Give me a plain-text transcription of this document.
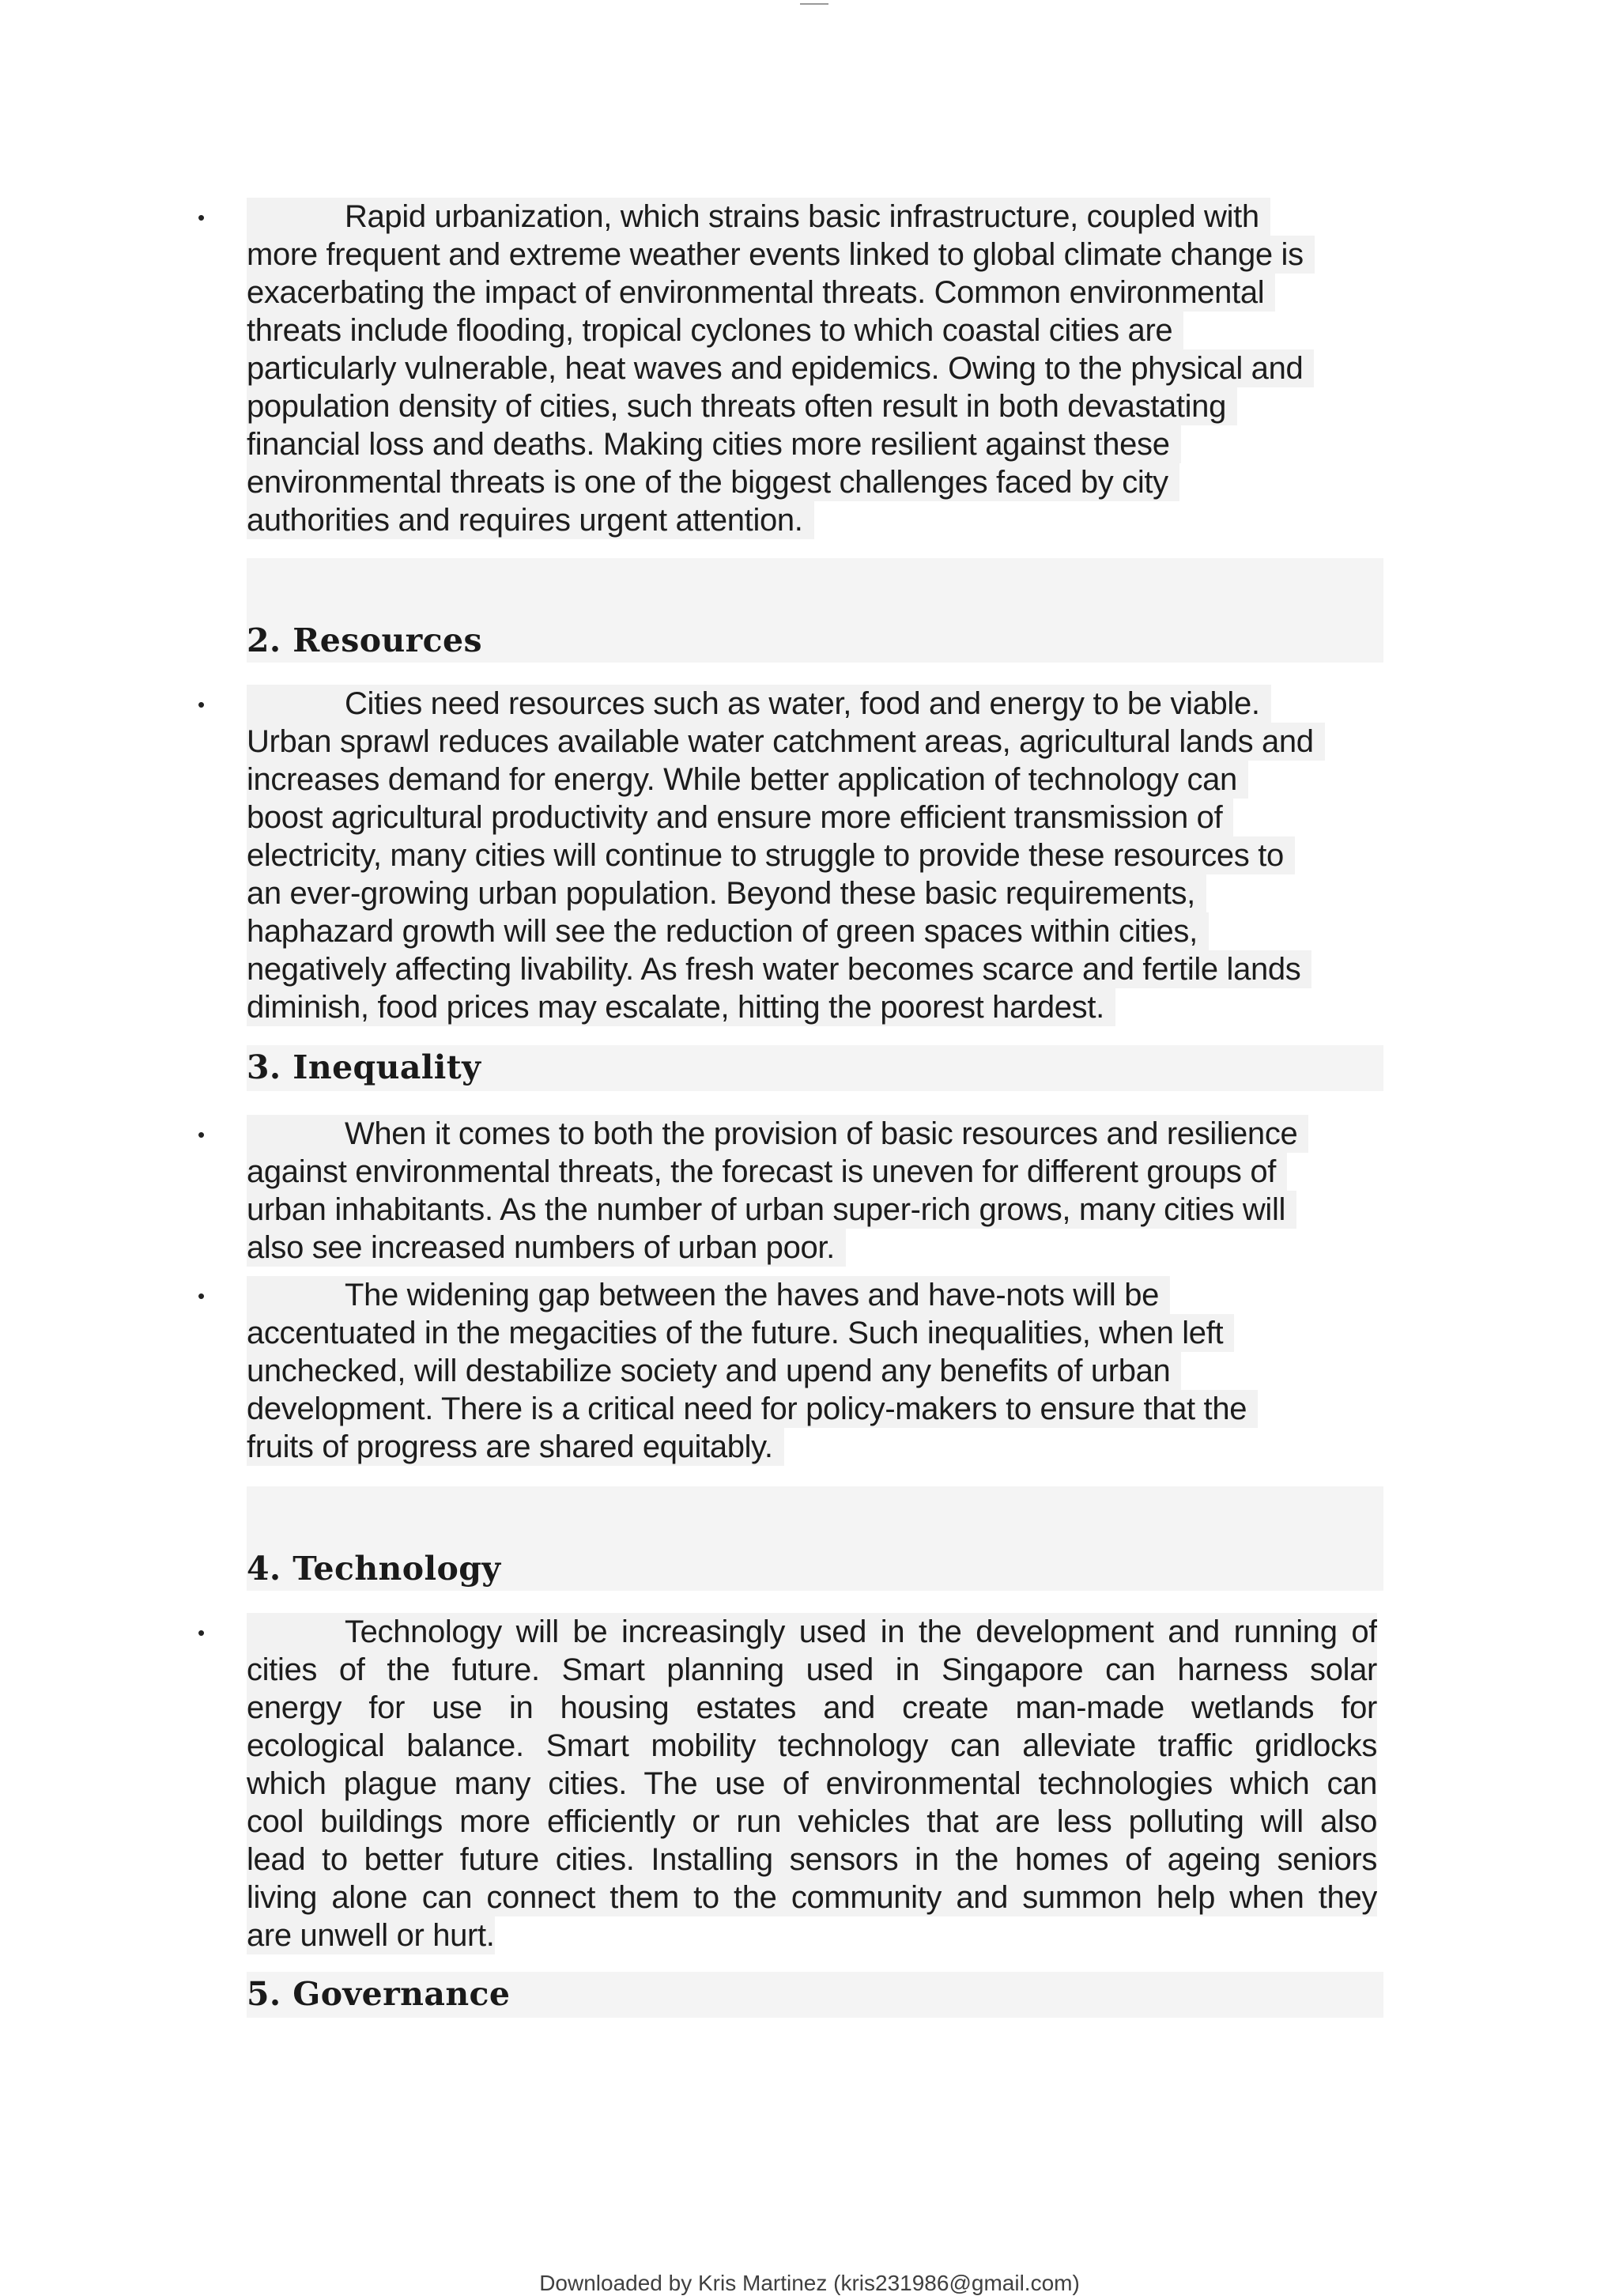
•	Rapid urbanization, which strains basic infrastructure, coupled with
more frequent and extreme weather events linked to global climate change is
exacerbating the impact of environmental threats. Common environmental
threats include flooding, tropical cyclones to which coastal cities are
particularly vulnerable, heat waves and epidemics. Owing to the physical and
population density of cities, such threats often result in both devastating
financial loss and deaths. Making cities more resilient against these
environmental threats is one of the biggest challenges faced by city
authorities and requires urgent attention.
2. Resources
•	Cities need resources such as water, food and energy to be viable.
Urban sprawl reduces available water catchment areas, agricultural lands and
increases demand for energy. While better application of technology can
boost agricultural productivity and ensure more efficient transmission of
electricity, many cities will continue to struggle to provide these resources to
an ever-growing urban population. Beyond these basic requirements,
haphazard growth will see the reduction of green spaces within cities,
negatively affecting livability. As fresh water becomes scarce and fertile lands
diminish, food prices may escalate, hitting the poorest hardest.
3. Inequality
•	When it comes to both the provision of basic resources and resilience
against environmental threats, the forecast is uneven for different groups of
urban inhabitants. As the number of urban super-rich grows, many cities will
also see increased numbers of urban poor.
•	The widening gap between the haves and have-nots will be
accentuated in the megacities of the future. Such inequalities, when left
unchecked, will destabilize society and upend any benefits of urban
development. There is a critical need for policy-makers to ensure that the
fruits of progress are shared equitably.
4. Technology
•	Technology will be increasingly used in the development and running of
cities of the future. Smart planning used in Singapore can harness solar
energy for use in housing estates and create man-made wetlands for
ecological balance. Smart mobility technology can alleviate traffic gridlocks
which plague many cities. The use of environmental technologies which can
cool buildings more efficiently or run vehicles that are less polluting will also
lead to better future cities. Installing sensors in the homes of ageing seniors
living alone can connect them to the community and summon help when they
are unwell or hurt.
5. Governance
Downloaded by Kris Martinez (kris231986@gmail.com)
